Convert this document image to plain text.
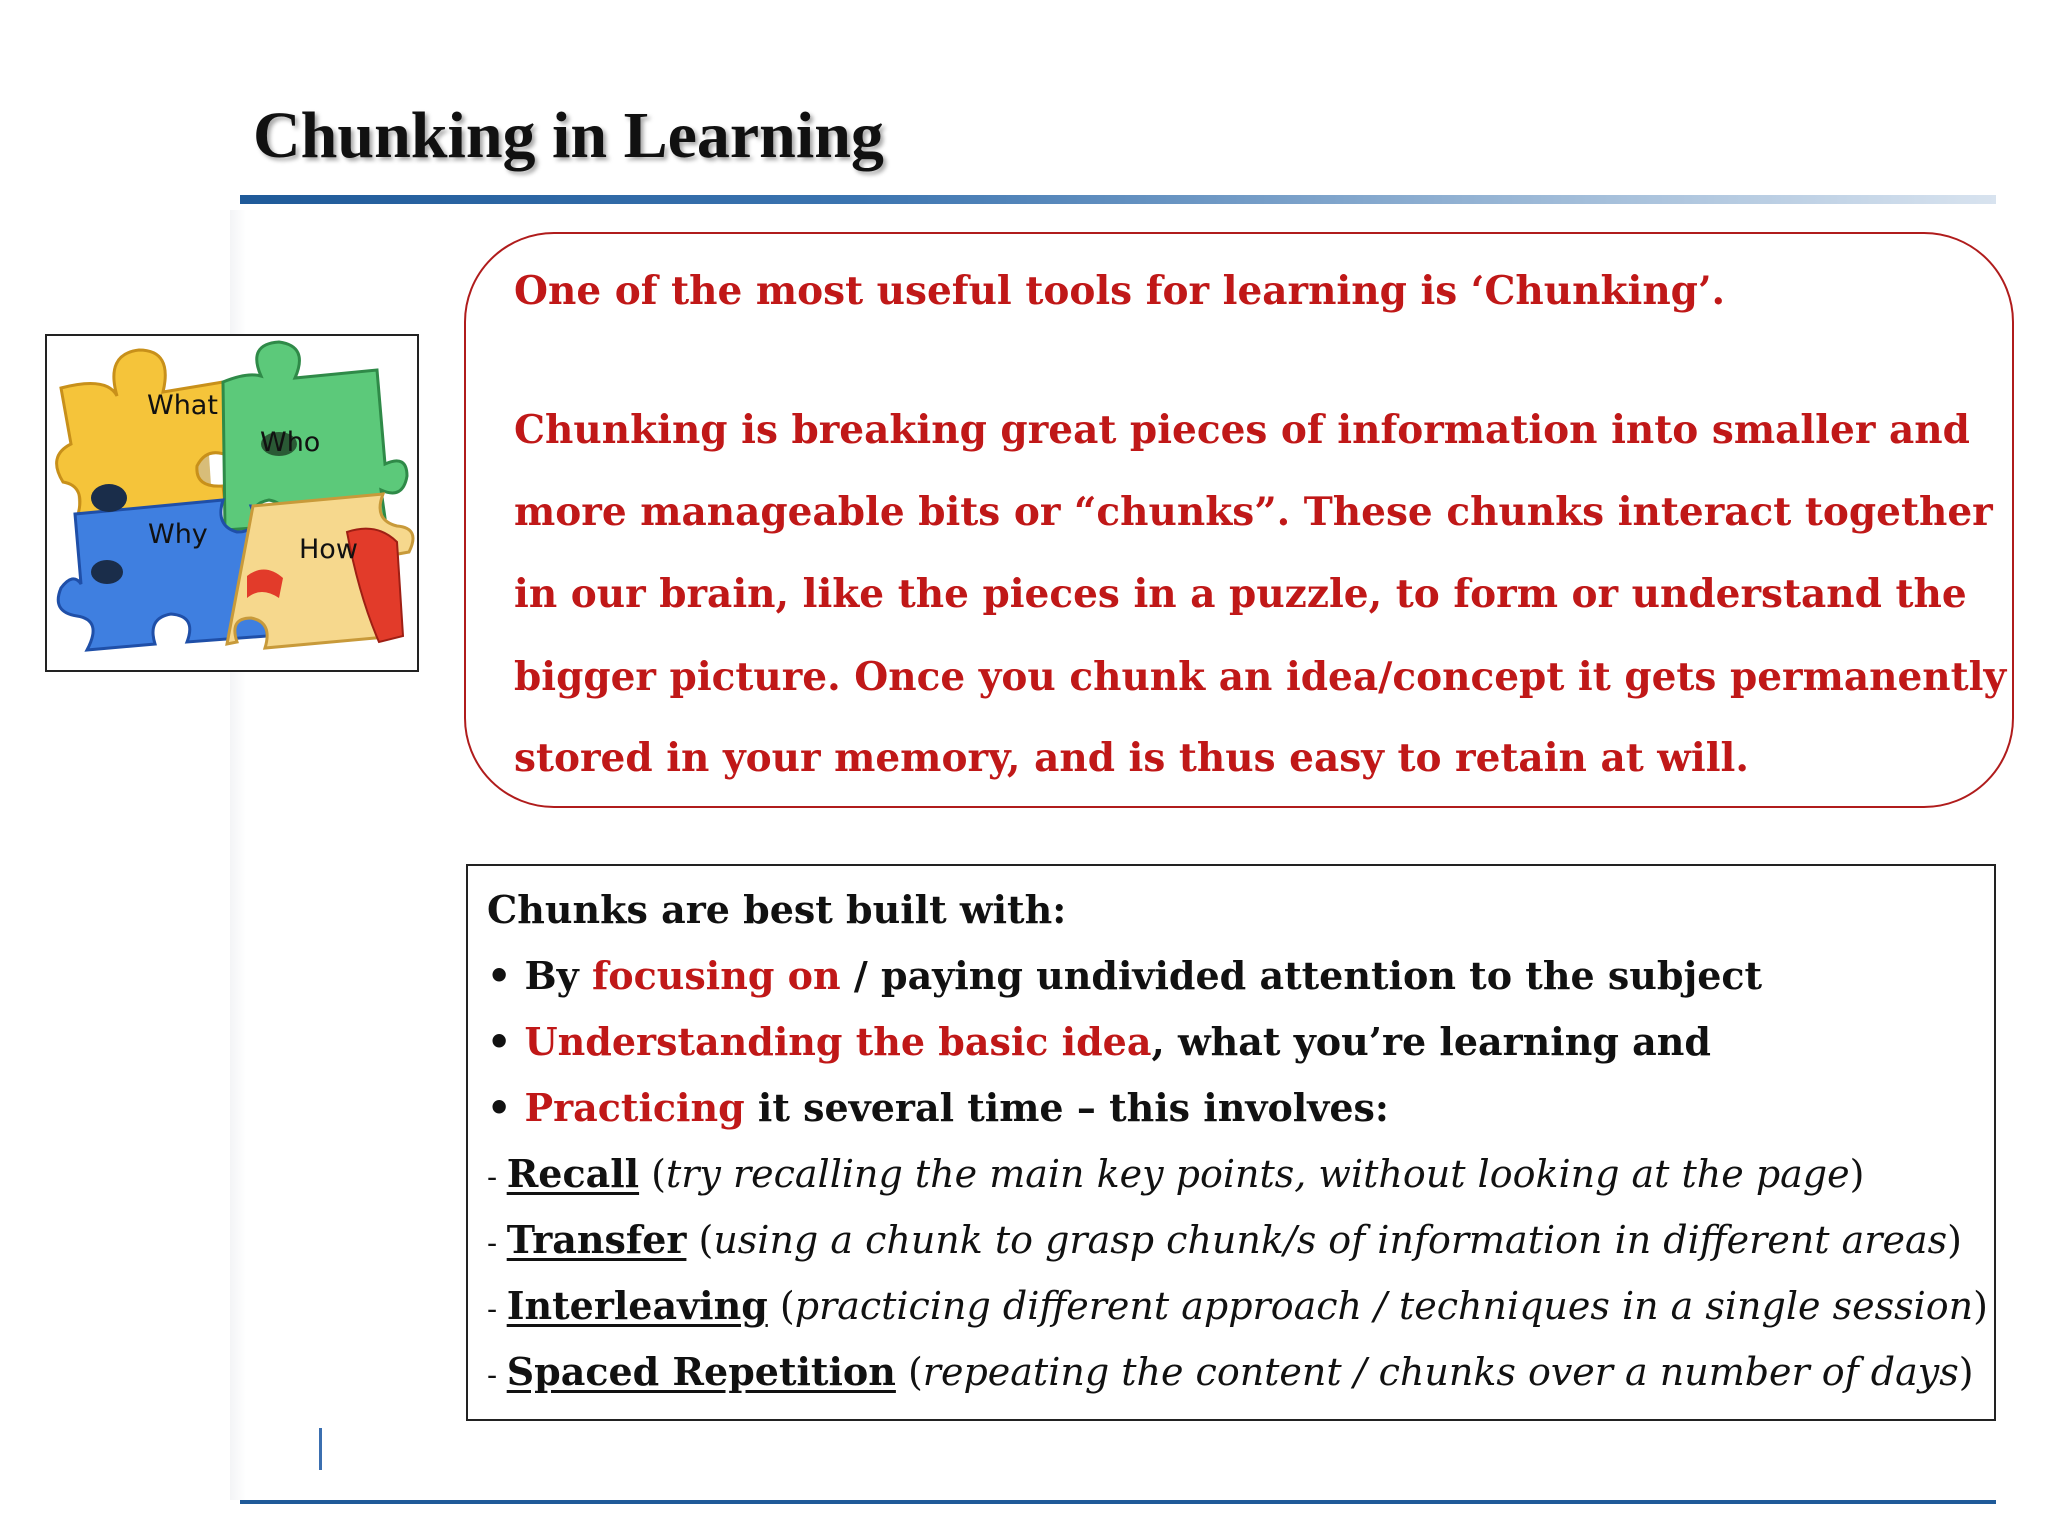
Chunking in Learning
What
Who
Why	How
One of the most useful tools for learning is ‘Chunking’.
Chunking is breaking great pieces of information into smaller and
more manageable bits or “chunks”. These chunks interact together
in our brain, like the pieces in a puzzle, to form or understand the
bigger picture. Once you chunk an idea/concept it gets permanently
stored in your memory, and is thus easy to retain at will.
Chunks are best built with:
• By focusing on / paying undivided attention to the subject
• Understanding the basic idea, what you’re learning and
• Practicing it several time – this involves:
- Recall (try recalling the main key points, without looking at the page)
- Transfer (using a chunk to grasp chunk/s of information in different areas)
- Interleaving (practicing different approach / techniques in a single session)
- Spaced Repetition (repeating the content / chunks over a number of days)
